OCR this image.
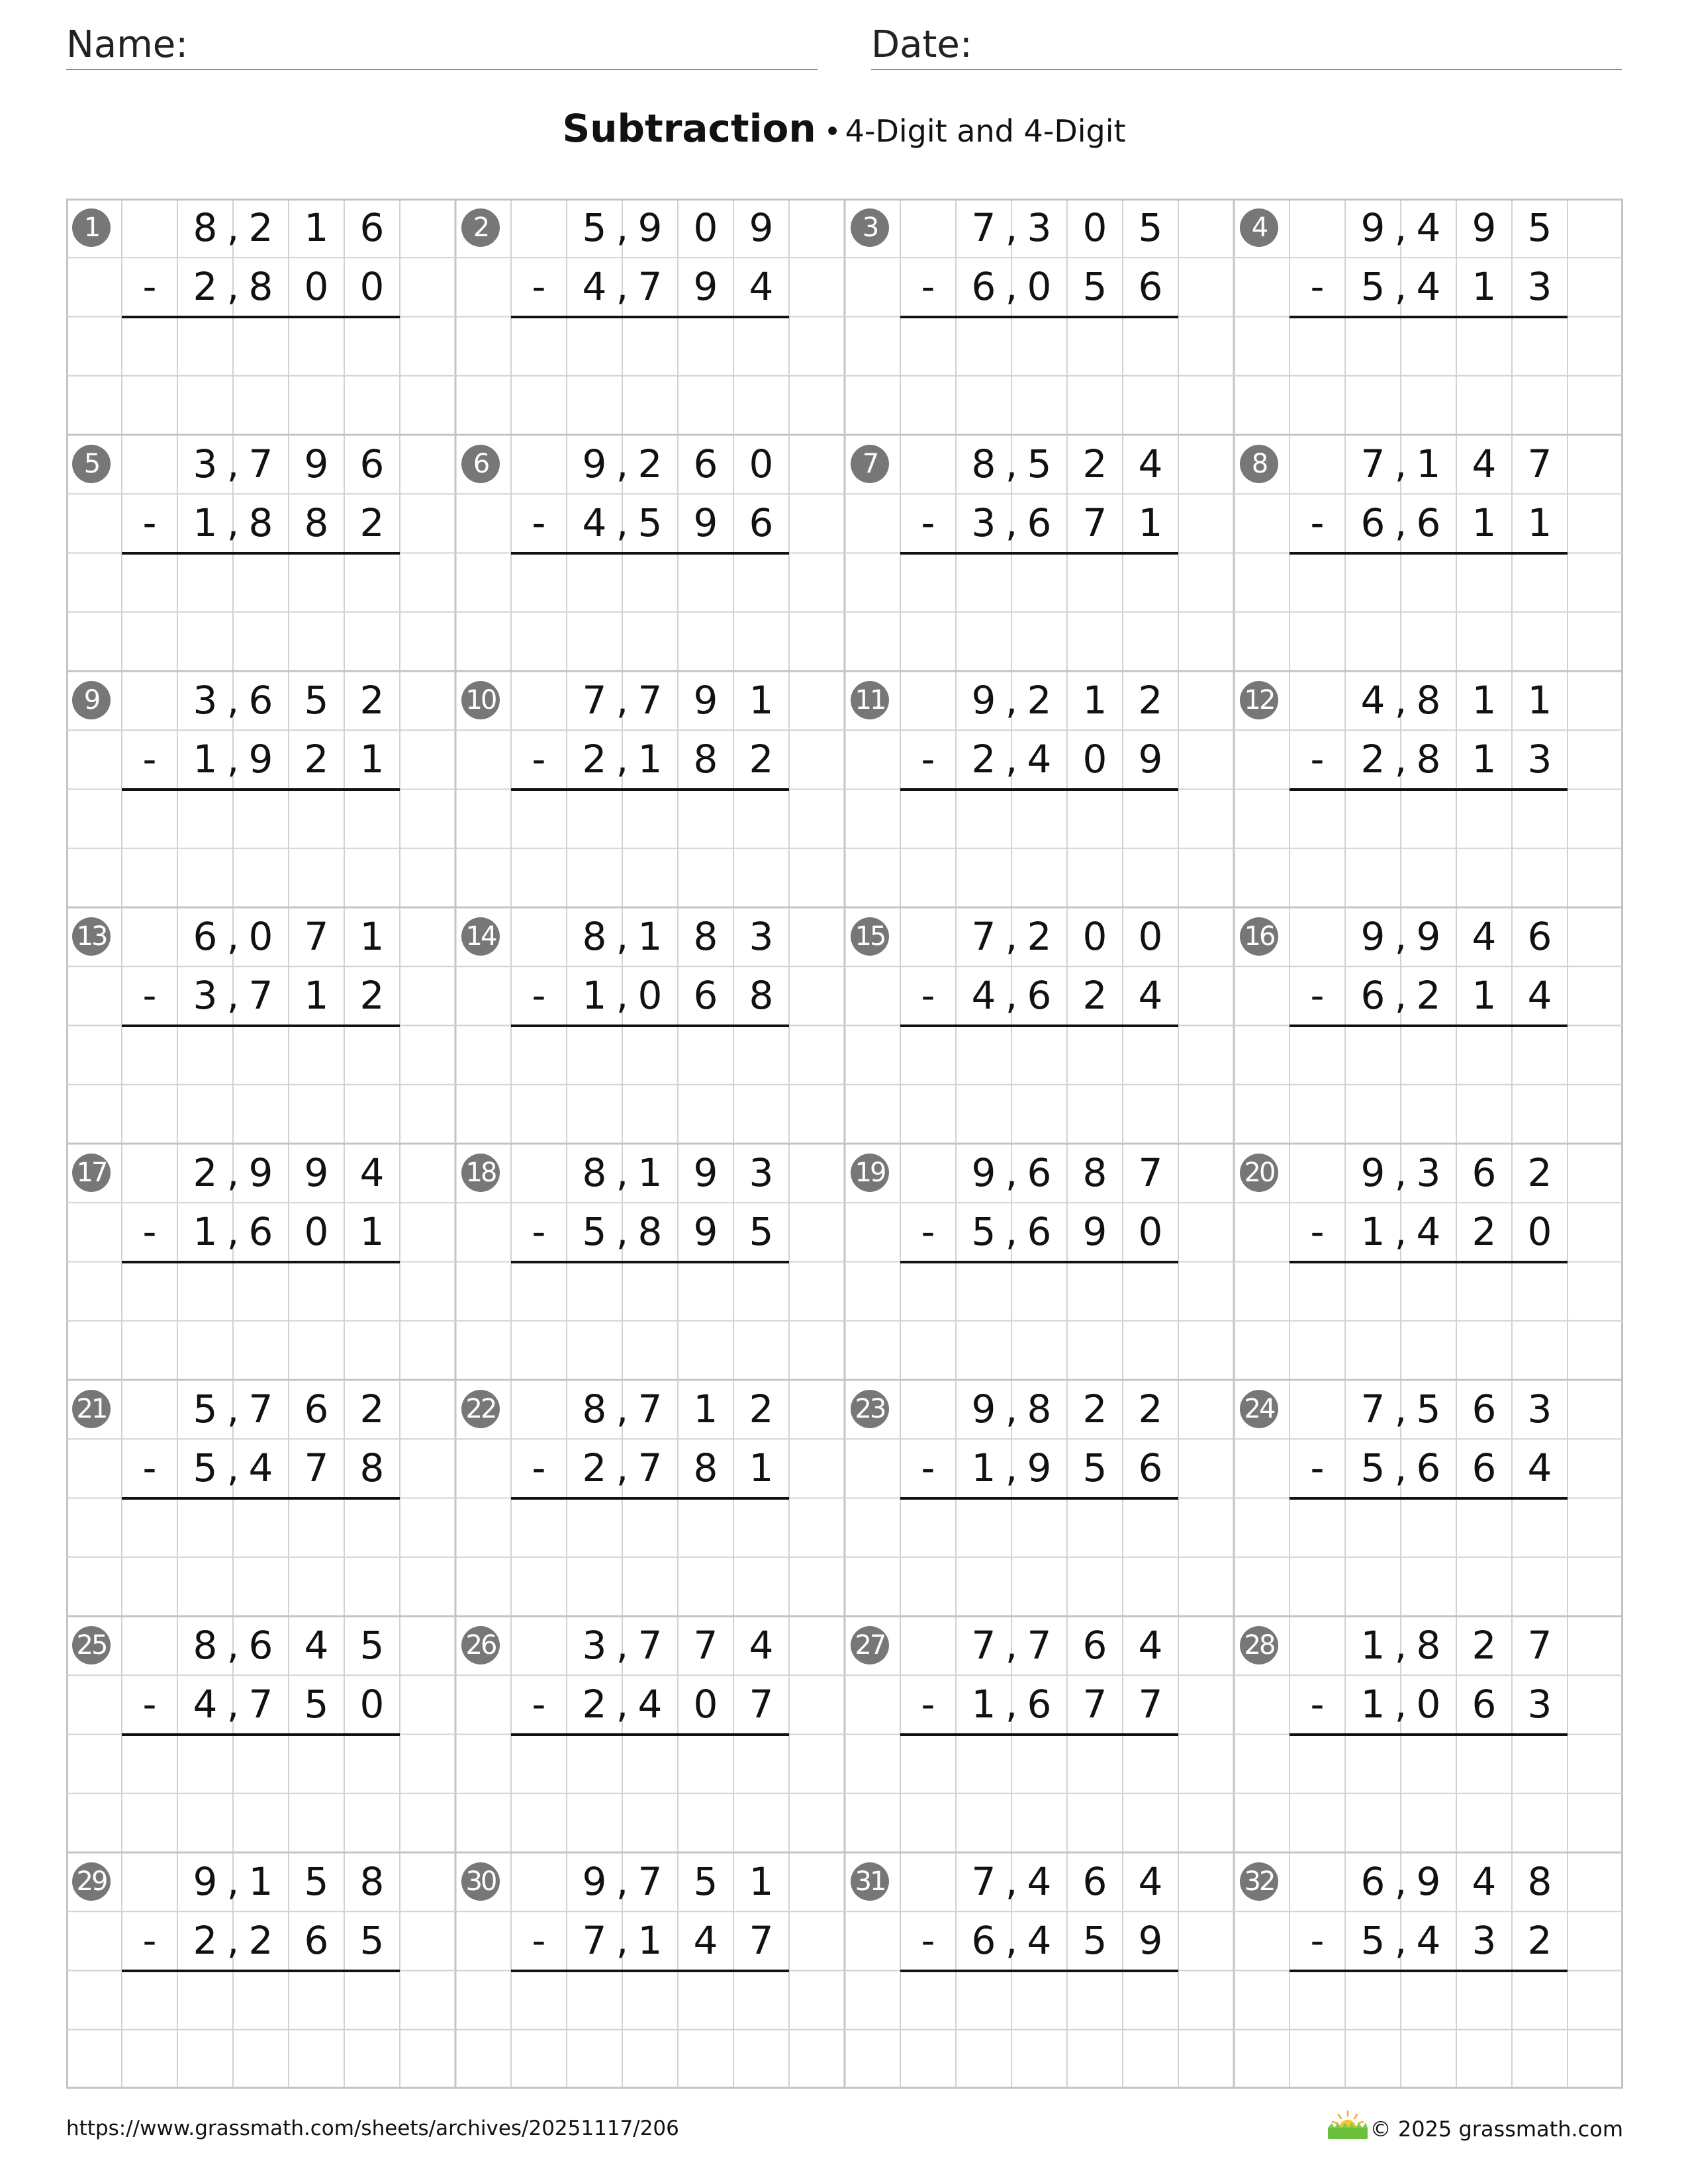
Name:	Date:
Subtraction • 4-Digit and 4-Digit
1	8 2 1 6
,
- 2 8 0 0
,
2	5 9 0 9
,
- 4 7 9 4
,
3	7 3 0 5
,
- 6 0 5 6
,
4	9 4 9 5
,
- 5 4 1 3
,
5	3 7 9 6
,
- 1 8 8 2
,
6	9 2 6 0
,
- 4 5 9 6
,
7	8 5 2 4
,
- 3 6 7 1
,
8	7 1 4 7
,
- 6 6 1 1
,
9	3 6 5 2
,
- 1 9 2 1
,
10	7 7 9 1
,
- 2 1 8 2
,
11	9 2 1 2
,
- 2 4 0 9
,
12	4 8 1 1
,
- 2 8 1 3
,
13	6 0 7 1
,
- 3 7 1 2
,
14	8 1 8 3
,
- 1 0 6 8
,
15	7 2 0 0
,
- 4 6 2 4
,
16	9 9 4 6
,
- 6 2 1 4
,
17	2 9 9 4
,
- 1 6 0 1
,
18	8 1 9 3
,
- 5 8 9 5
,
19	9 6 8 7
,
- 5 6 9 0
,
20	9 3 6 2
,
- 1 4 2 0
,
21	5 7 6 2
,
- 5 4 7 8
,
22	8 7 1 2
,
- 2 7 8 1
,
23	9 8 2 2
,
- 1 9 5 6
,
24	7 5 6 3
,
- 5 6 6 4
,
25	8 6 4 5
,
- 4 7 5 0
,
26	3 7 7 4
,
- 2 4 0 7
,
27	7 7 6 4
,
- 1 6 7 7
,
28	1 8 2 7
,
- 1 0 6 3
,
29	9 1 5 8
,
- 2 2 6 5
,
30	9 7 5 1
,
- 7 1 4 7
,
31	7 4 6 4
,
- 6 4 5 9
,
32	6 9 4 8
,
- 5 4 3 2
,
https://www.grassmath.com/sheets/archives/20251117/206	© 2025 grassmath.com
